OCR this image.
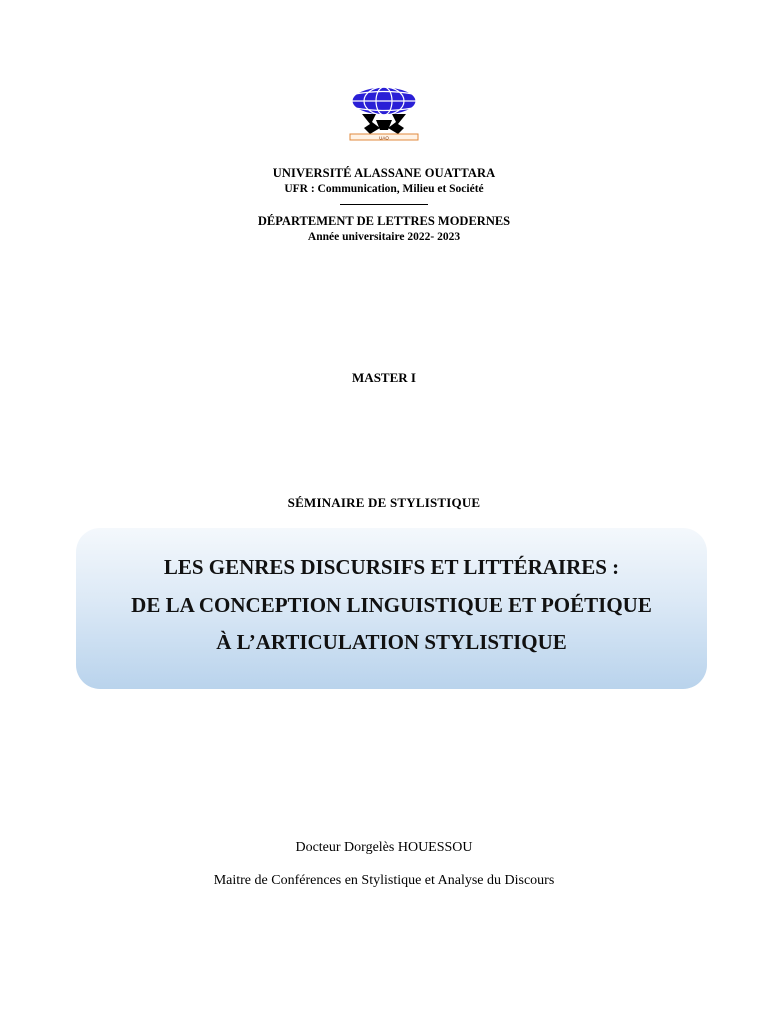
UAO
UNIVERSITÉ ALASSANE OUATTARA
UFR : Communication, Milieu et Société
DÉPARTEMENT DE LETTRES MODERNES
Année universitaire 2022- 2023
MASTER I
SÉMINAIRE DE STYLISTIQUE
LES GENRES DISCURSIFS ET LITTÉRAIRES :
DE LA CONCEPTION LINGUISTIQUE ET POÉTIQUE
À L’ARTICULATION STYLISTIQUE
Docteur Dorgelès HOUESSOU
Maitre de Conférences en Stylistique et Analyse du Discours
